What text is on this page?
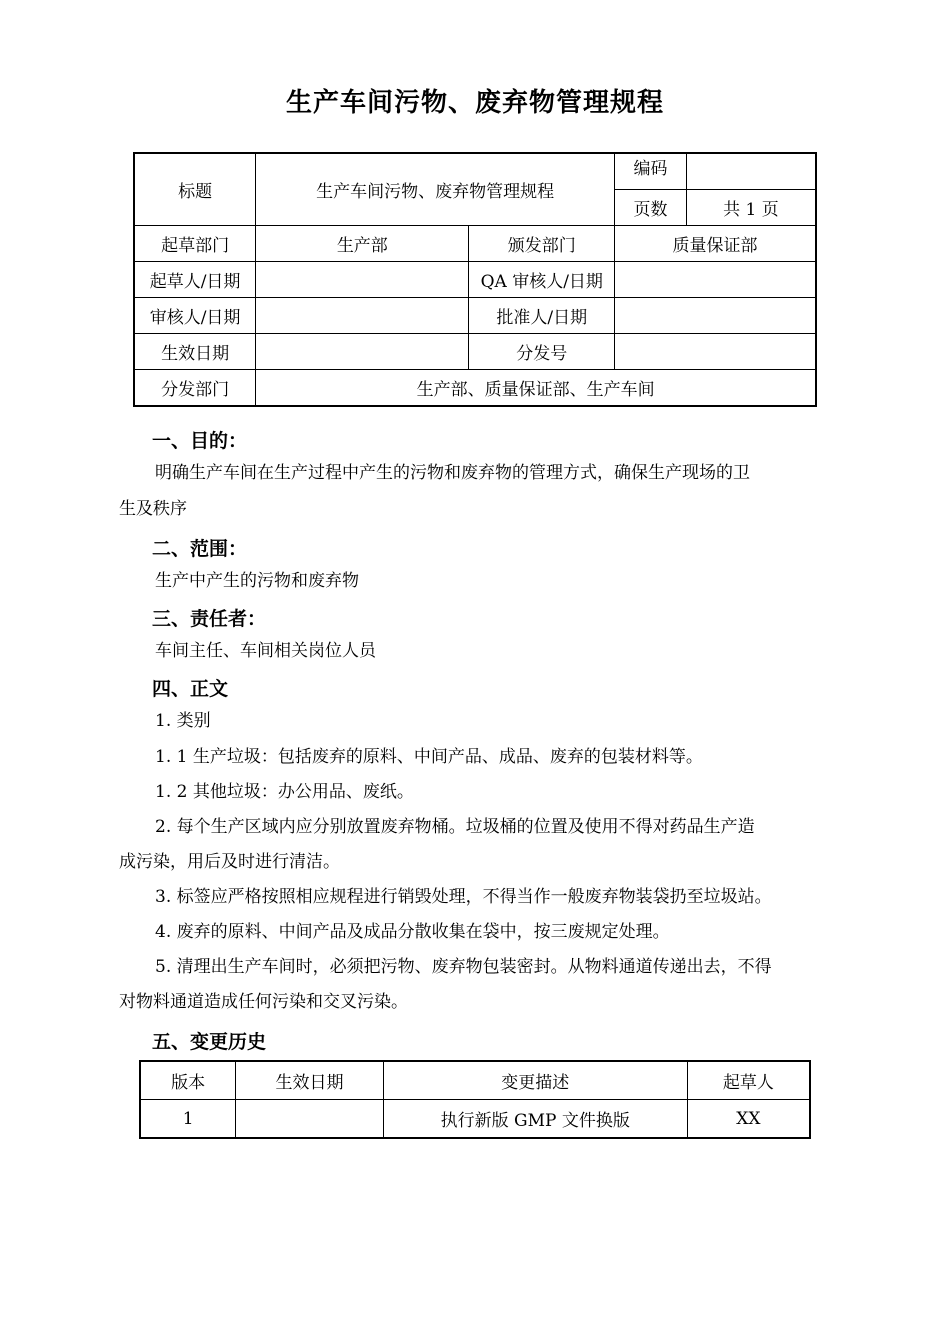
生产车间污物、废弃物管理规程
标题	生产车间污物、废弃物管理规程		编码	
			页数	共 1 页
起草部门	生产部	颁发部门	质量保证部	
起草人/日期		QA 审核人/日期		
审核人/日期		批准人/日期		
生效日期		分发号		
分发部门	生产部、质量保证部、生产车间			
一、目的：
明确生产车间在生产过程中产生的污物和废弃物的管理方式，确保生产现场的卫
生及秩序
二、范围：
生产中产生的污物和废弃物
三、责任者：
车间主任、车间相关岗位人员
四、正文
1. 类别
1. 1 生产垃圾：包括废弃的原料、中间产品、成品、废弃的包装材料等。
1. 2 其他垃圾：办公用品、废纸。
2. 每个生产区域内应分别放置废弃物桶。垃圾桶的位置及使用不得对药品生产造
成污染，用后及时进行清洁。
3. 标签应严格按照相应规程进行销毁处理，不得当作一般废弃物装袋扔至垃圾站。
4. 废弃的原料、中间产品及成品分散收集在袋中，按三废规定处理。
5. 清理出生产车间时，必须把污物、废弃物包装密封。从物料通道传递出去，不得
对物料通道造成任何污染和交叉污染。
五、变更历史
版本	生效日期	变更描述	起草人
1		执行新版 GMP 文件换版	XX
